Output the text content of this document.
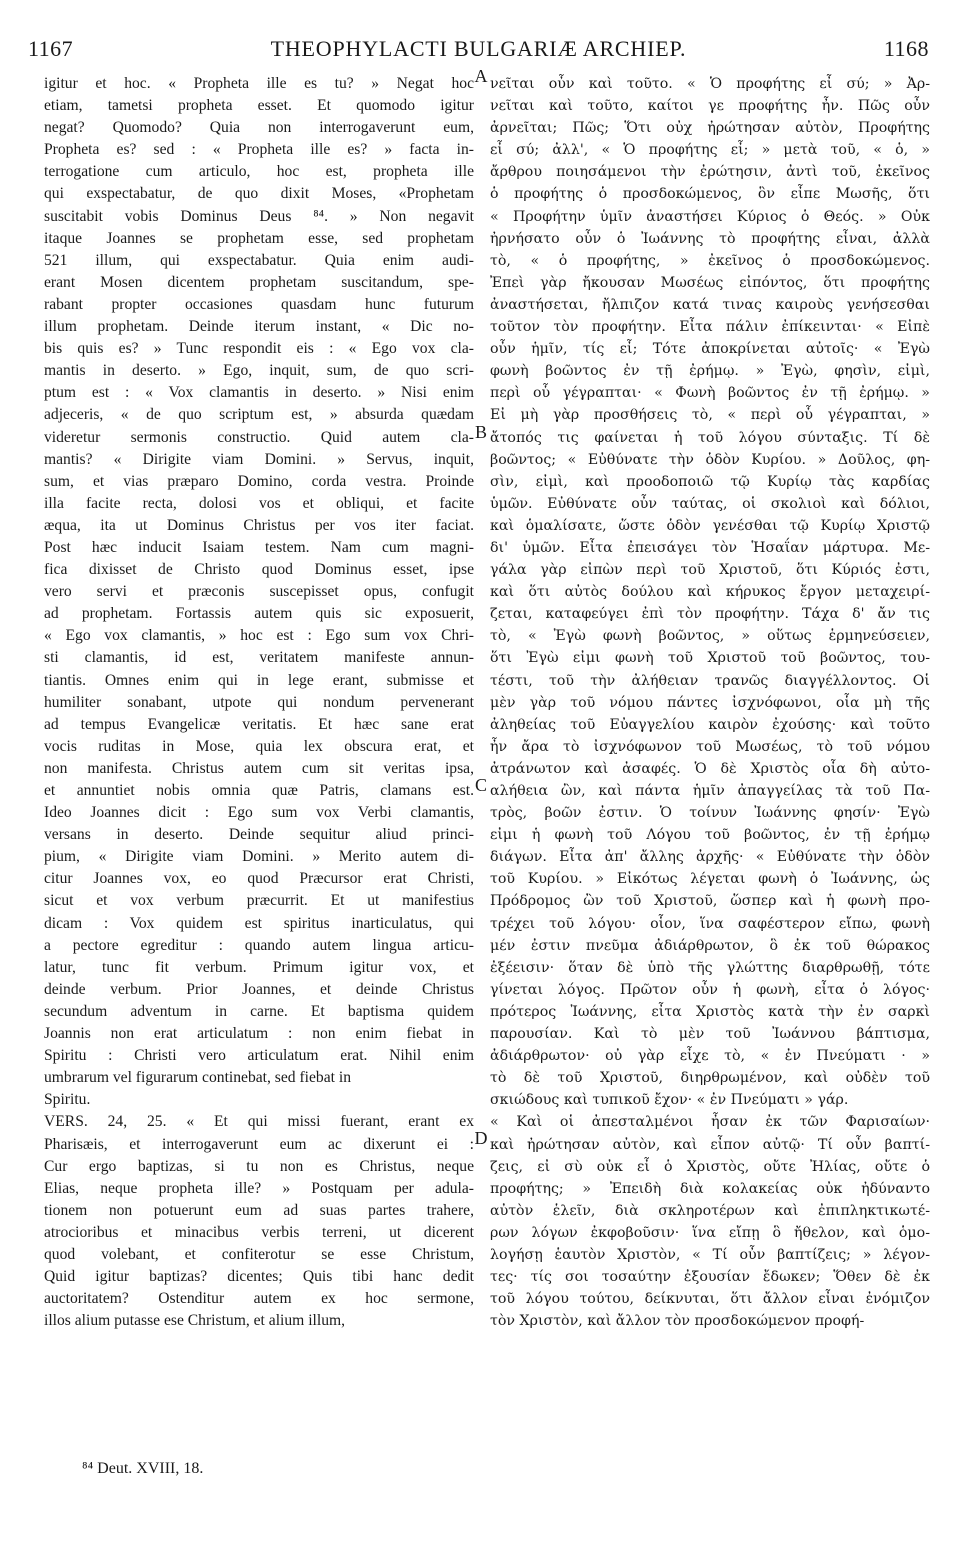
1167	THEOPHYLACTI BULGARIÆ ARCHIEP.	1168
igitur et hoc. « Propheta ille es tu? » Negat hoc
etiam, tametsi propheta esset. Et quomodo igitur
negat? Quomodo? Quia non interrogaverunt eum,
Propheta es? sed : « Propheta ille es? » facta in-
terrogatione cum articulo, hoc est, propheta ille
qui exspectabatur, de quo dixit Moses, «Prophetam
suscitabit vobis Dominus Deus ⁸⁴. » Non negavit
itaque Joannes se prophetam esse, sed prophetam
521 illum, qui exspectabatur. Quia enim audi-
erant Mosen dicentem prophetam suscitandum, spe-
rabant propter occasiones quasdam hunc futurum
illum prophetam. Deinde iterum instant, « Dic no-
bis quis es? » Tunc respondit eis : « Ego vox cla-
mantis in deserto. » Ego, inquit, sum, de quo scri-
ptum est : « Vox clamantis in deserto. » Nisi enim
adjeceris, « de quo scriptum est, » absurda quædam
videretur sermonis constructio. Quid autem cla-
mantis? « Dirigite viam Domini. » Servus, inquit,
sum, et vias præparo Domino, corda vestra. Proinde
illa facite recta, dolosi vos et obliqui, et facite
æqua, ita ut Dominus Christus per vos iter faciat.
Post hæc inducit Isaiam testem. Nam cum magni-
fica dixisset de Christo quod Dominus esset, ipse
vero servi et præconis suscepisset opus, confugit
ad prophetam. Fortassis autem quis sic exposuerit,
« Ego vox clamantis, » hoc est : Ego sum vox Chri-
sti clamantis, id est, veritatem manifeste annun-
tiantis. Omnes enim qui in lege erant, submisse et
humiliter sonabant, utpote qui nondum pervenerant
ad tempus Evangelicæ veritatis. Et hæc sane erat
vocis ruditas in Mose, quia lex obscura erat, et
non manifesta. Christus autem cum sit veritas ipsa,
et annuntiet nobis omnia quæ Patris, clamans est.
Ideo Joannes dicit : Ego sum vox Verbi clamantis,
versans in deserto. Deinde sequitur aliud princi-
pium, « Dirigite viam Domini. » Merito autem di-
citur Joannes vox, eo quod Præcursor erat Christi,
sicut et vox verbum præcurrit. Et ut manifestius
dicam : Vox quidem est spiritus inarticulatus, qui
a pectore egreditur : quando autem lingua articu-
latur, tunc fit verbum. Primum igitur vox, et
deinde verbum. Prior Joannes, et deinde Christus
secundum adventum in carne. Et baptisma quidem
Joannis non erat articulatum : non enim fiebat in
Spiritu : Christi vero articulatum erat. Nihil enim
umbrarum vel figurarum continebat, sed fiebat in
Spiritu.
VERS. 24, 25. « Et qui missi fuerant, erant ex
Pharisæis, et interrogaverunt eum ac dixerunt ei :
Cur ergo baptizas, si tu non es Christus, neque
Elias, neque propheta ille? » Postquam per adula-
tionem non potuerunt eum ad suas partes trahere,
atrocioribus et minacibus verbis terreni, ut dicerent
quod volebant, et confiterotur se esse Christum,
Quid igitur baptizas? dicentes; Quis tibi hanc dedit
auctoritatem? Ostenditur autem ex hoc sermone,
illos alium putasse ese Christum, et alium illum,
νεῖται οὖν καὶ τοῦτο. « Ὁ προφήτης εἶ σύ; » Ἀρ-
νεῖται καὶ τοῦτο, καίτοι γε προφήτης ἦν. Πῶς οὖν
ἀρνεῖται; Πῶς; Ὅτι οὐχ ἠρώτησαν αὐτὸν, Προφήτης
εἶ σύ; ἀλλ', « Ὁ προφήτης εἶ; » μετὰ τοῦ, « ὁ, »
ἄρθρου ποιησάμενοι τὴν ἐρώτησιν, ἀντὶ τοῦ, ἐκεῖνος
ὁ προφήτης ὁ προσδοκώμενος, ὃν εἶπε Μωσῆς, ὅτι
« Προφήτην ὑμῖν ἀναστήσει Κύριος ὁ Θεός. » Οὐκ
ἠρνήσατο οὖν ὁ Ἰωάννης τὸ προφήτης εἶναι, ἀλλὰ
τὸ, « ὁ προφήτης, » ἐκεῖνος ὁ προσδοκώμενος.
Ἐπεὶ γὰρ ἤκουσαν Μωσέως εἰπόντος, ὅτι προφήτης
ἀναστήσεται, ἤλπιζον κατά τινας καιροὺς γενήσεσθαι
τοῦτον τὸν προφήτην. Εἶτα πάλιν ἐπίκεινται· « Εἰπὲ
οὖν ἡμῖν, τίς εἶ; Τότε ἀποκρίνεται αὐτοῖς· « Ἐγὼ
φωνὴ βοῶντος ἐν τῇ ἐρήμῳ. » Ἐγὼ, φησὶν, εἰμὶ,
περὶ οὗ γέγραπται· « Φωνὴ βοῶντος ἐν τῇ ἐρήμῳ. »
Εἰ μὴ γὰρ προσθήσεις τὸ, « περὶ οὗ γέγραπται, »
ἄτοπός τις φαίνεται ἡ τοῦ λόγου σύνταξις. Τί δὲ
βοῶντος; « Εὐθύνατε τὴν ὁδὸν Κυρίου. » Δοῦλος, φη-
σὶν, εἰμὶ, καὶ προοδοποιῶ τῷ Κυρίῳ τὰς καρδίας
ὑμῶν. Εὐθύνατε οὖν ταύτας, οἱ σκολιοὶ καὶ δόλιοι,
καὶ ὁμαλίσατε, ὥστε ὁδὸν γενέσθαι τῷ Κυρίῳ Χριστῷ
δι' ὑμῶν. Εἶτα ἐπεισάγει τὸν Ἡσαΐαν μάρτυρα. Με-
γάλα γὰρ εἰπὼν περὶ τοῦ Χριστοῦ, ὅτι Κύριός ἐστι,
καὶ ὅτι αὐτὸς δούλου καὶ κήρυκος ἔργον μεταχειρί-
ζεται, καταφεύγει ἐπὶ τὸν προφήτην. Τάχα δ' ἄν τις
τὸ, « Ἐγὼ φωνὴ βοῶντος, » οὕτως ἑρμηνεύσειεν,
ὅτι Ἐγὼ εἰμι φωνὴ τοῦ Χριστοῦ τοῦ βοῶντος, του-
τέστι, τοῦ τὴν ἀλήθειαν τρανῶς διαγγέλλοντος. Οἱ
μὲν γὰρ τοῦ νόμου πάντες ἰσχνόφωνοι, οἷα μὴ τῆς
ἀληθείας τοῦ Εὐαγγελίου καιρὸν ἐχούσης· καὶ τοῦτο
ἦν ἄρα τὸ ἰσχνόφωνον τοῦ Μωσέως, τὸ τοῦ νόμου
ἀτράνωτον καὶ ἀσαφές. Ὁ δὲ Χριστὸς οἷα δὴ αὐτο-
αλήθεια ὢν, καὶ πάντα ἡμῖν ἀπαγγείλας τὰ τοῦ Πα-
τρὸς, βοῶν ἐστιν. Ὁ τοίνυν Ἰωάννης φησίν· Ἐγὼ
εἰμι ἡ φωνὴ τοῦ Λόγου τοῦ βοῶντος, ἐν τῇ ἐρήμῳ
διάγων. Εἶτα ἀπ' ἄλλης ἀρχῆς· « Εὐθύνατε τὴν ὁδὸν
τοῦ Κυρίου. » Εἰκότως λέγεται φωνὴ ὁ Ἰωάννης, ὡς
Πρόδρομος ὢν τοῦ Χριστοῦ, ὥσπερ καὶ ἡ φωνὴ προ-
τρέχει τοῦ λόγου· οἷον, ἵνα σαφέστερον εἴπω, φωνὴ
μέν ἐστιν πνεῦμα ἀδιάρθρωτον, ὃ ἐκ τοῦ θώρακος
ἐξέεισιν· ὅταν δὲ ὑπὸ τῆς γλώττης διαρθρωθῇ, τότε
γίνεται λόγος. Πρῶτον οὖν ἡ φωνὴ, εἶτα ὁ λόγος·
πρότερος Ἰωάννης, εἶτα Χριστὸς κατὰ τὴν ἐν σαρκὶ
παρουσίαν. Καὶ τὸ μὲν τοῦ Ἰωάννου βάπτισμα,
ἀδιάρθρωτον· οὐ γὰρ εἶχε τὸ, « ἐν Πνεύματι · »
τὸ δὲ τοῦ Χριστοῦ, διηρθρωμένον, καὶ οὐδὲν τοῦ
σκιώδους καὶ τυπικοῦ ἔχον· « ἐν Πνεύματι » γάρ.
« Καὶ οἱ ἀπεσταλμένοι ἦσαν ἐκ τῶν Φαρισαίων·
καὶ ἠρώτησαν αὐτὸν, καὶ εἶπον αὐτῷ· Τί οὖν βαπτί-
ζεις, εἰ σὺ οὐκ εἶ ὁ Χριστὸς, οὔτε Ἠλίας, οὔτε ὁ
προφήτης; » Ἐπειδὴ διὰ κολακείας οὐκ ἠδύναντο
αὐτὸν ἑλεῖν, διὰ σκληροτέρων καὶ ἐπιπληκτικωτέ-
ρων λόγων ἐκφοβοῦσιν· ἵνα εἴπῃ ὃ ἤθελον, καὶ ὁμο-
λογήσῃ ἑαυτὸν Χριστὸν, « Τί οὖν βαπτίζεις; » λέγον-
τες· τίς σοι τοσαύτην ἐξουσίαν ἔδωκεν; Ὅθεν δὲ ἐκ
τοῦ λόγου τούτου, δείκνυται, ὅτι ἄλλον εἶναι ἐνόμιζον
τὸν Χριστὸν, καὶ ἄλλον τὸν προσδοκώμενον προφή-
A
B
C
D
⁸⁴ Deut. XVIII, 18.
